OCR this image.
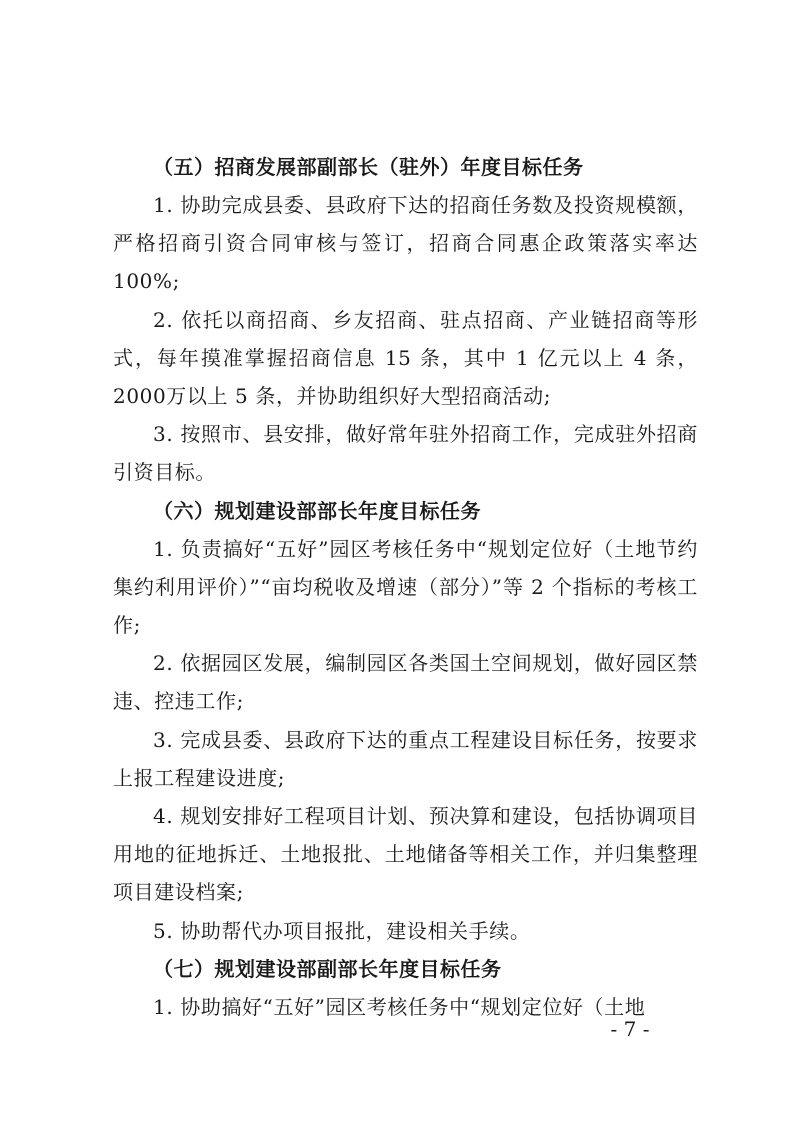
（五）招商发展部副部长（驻外）年度目标任务

1. 协助完成县委、县政府下达的招商任务数及投资规模额，严格招商引资合同审核与签订，招商合同惠企政策落实率达100%;

2. 依托以商招商、乡友招商、驻点招商、产业链招商等形式，每年摸准掌握招商信息 15 条，其中 1 亿元以上 4 条，2000万以上 5 条，并协助组织好大型招商活动;

3. 按照市、县安排，做好常年驻外招商工作，完成驻外招商引资目标。

（六）规划建设部部长年度目标任务

1. 负责搞好“五好”园区考核任务中“规划定位好（土地节约集约利用评价）”“亩均税收及增速（部分）”等 2 个指标的考核工作;

2. 依据园区发展，编制园区各类国土空间规划，做好园区禁违、控违工作;

3. 完成县委、县政府下达的重点工程建设目标任务，按要求上报工程建设进度;

4. 规划安排好工程项目计划、预决算和建设，包括协调项目用地的征地拆迁、土地报批、土地储备等相关工作，并归集整理项目建设档案;

5. 协助帮代办项目报批，建设相关手续。

（七）规划建设部副部长年度目标任务

1. 协助搞好“五好”园区考核任务中“规划定位好（土地

- 7 -
